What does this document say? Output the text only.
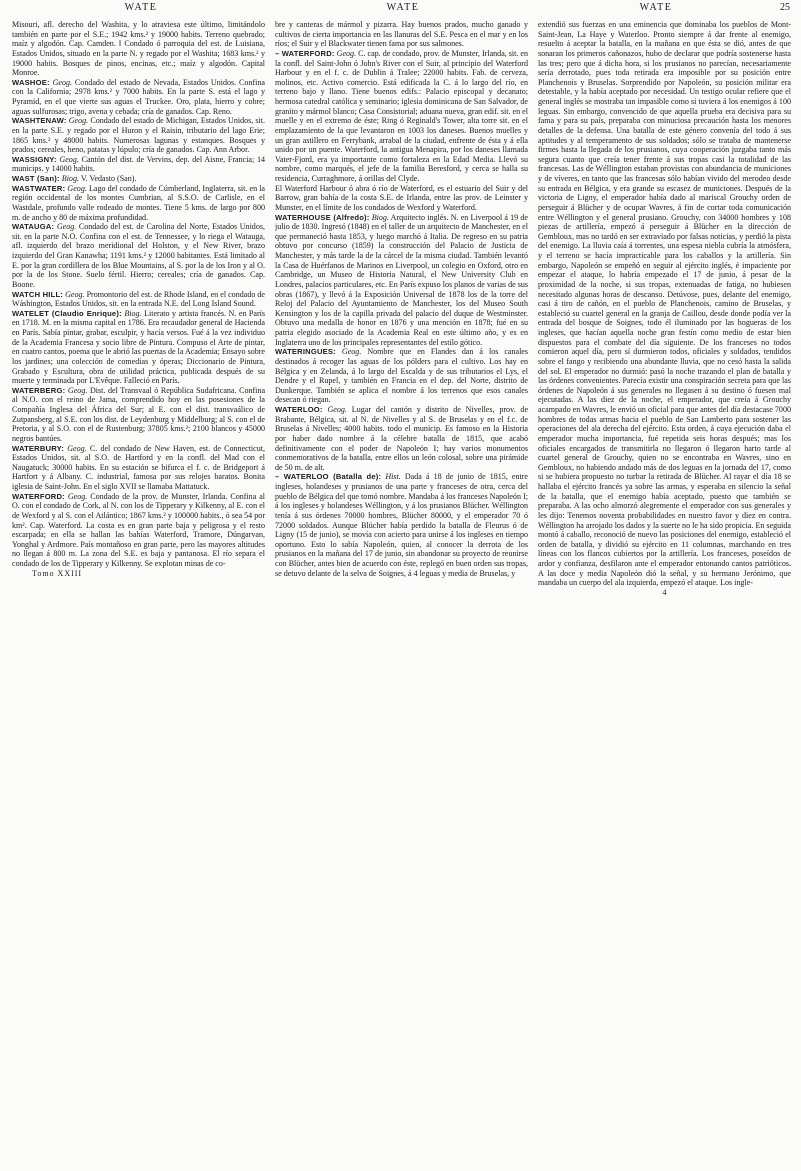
WATE	WATE	WATE	25

Misouri, afl. derecho del Washita, y lo atraviesa este último, limitándolo también en parte por el S.E.; 1942 kms.² y 19000 habits. Terreno quebrado; maíz y algodón. Cap. Camden. ‖ Condado ó parroquia del est. de Luisiana, Estados Unidos, situado en la parte N. y regado por el Washita; 1683 kms.² y 19000 habits. Bosques de pinos, encinas, etc.; maíz y algodón. Capital Monroe.

WASHOE: Geog. Condado del estado de Nevada, Estados Unidos. Confina con la California; 2978 kms.² y 7000 habits. En la parte S. está el lago y Pyramid, en el que vierte sus aguas el Truckee. Oro, plata, hierro y cobre; aguas sulfurosas; trigo, avena y cebada; cría de ganados. Cap. Reno.

WASHTENAW: Geog. Condado del estado de Michigan, Estados Unidos, sit. en la parte S.E. y regado por el Huron y el Raisin, tributario del lago Erie; 1865 kms.² y 48000 habits. Numerosas lagunas y estanques. Bosques y prados; cereales, heno, patatas y lúpulo; cría de ganados. Cap. Ann Arbor.

WASSIGNY: Geog. Cantón del dist. de Vervins, dep. del Aisne, Francia; 14 municips. y 14000 habits.

WAST (San): Biog. V. Vedasto (San).

WASTWATER: Geog. Lago del condado de Cúmberland, Inglaterra, sit. en la región occidental de los montes Cumbrian, al S.S.O. de Carlisle, en el Wastdale, profundo valle rodeado de montes. Tiene 5 kms. de largo por 800 m. de ancho y 80 de máxima profundidad.

WATAUGA: Geog. Condado del est. de Carolina del Norte, Estados Unidos, sit. en la parte N.O. Confina con el est. de Tennessee, y lo riega el Watauga, afl. izquierdo del brazo meridional del Holston, y el New River, brazo izquierdo del Gran Kanawha; 1191 kms.² y 12000 habitantes. Está limitado al E. por la gran cordillera de los Blue Mountains, al S. por la de los Iron y al O. por la de los Stone. Suelo fértil. Hierro; cereales; cría de ganados. Cap. Boone.

WATCH HILL: Geog. Promontorio del est. de Rhode Island, en el condado de Wáshington, Estados Unidos, sit. en la entrada N.E. del Long Island Sound.

WATELET (Claudio Enrique): Biog. Literato y artista francés. N. en París en 1718. M. en la misma capital en 1786. Era recaudador general de Hacienda en París. Sabía pintar, grabar, esculpir, y hacía versos. Fué á la vez individuo de la Academia Francesa y socio libre de Pintura. Compuso el Arte de pintar, en cuatro cantos, poema que le abrió las puertas de la Academia; Ensayo sobre los jardines; una colección de comedias y óperas; Diccionario de Pintura, Grabado y Escultura, obra de utilidad práctica, publicada después de su muerte y terminada por L'Evêque. Falleció en París.

WATERBERG: Geog. Dist. del Transvaal ó República Sudafricana. Confina al N.O. con el reino de Jama, comprendido hoy en las posesiones de la Compañía Inglesa del África del Sur; al E. con el dist. transvaálico de Zutpansberg, al S.E. con los dist. de Leydenburg y Middelburg; al S. con el de Pretoria, y al S.O. con el de Rustenburg; 37805 kms.²; 2100 blancos y 45000 negros bantúes.

WATERBURY: Geog. C. del condado de New Haven, est. de Connecticut, Estados Unidos, sit. al S.O. de Hartford y en la confl. del Mad con el Naugatuck; 30000 habits. En su estación se bifurca el f. c. de Bridgeport á Hartfort y á Albany. C. industrial, famosa por sus relojes baratos. Bonita iglesia de Saint-John. En el siglo XVII se llamaba Mattatuck.

WATERFORD: Geog. Condado de la prov. de Munster, Irlanda. Confina al O. con el condado de Cork, al N. con los de Tipperary y Kilkenny, al E. con el de Wexford y al S. con el Atlántico; 1867 kms.² y 100000 habits., ó sea 54 por km². Cap. Waterford. La costa es en gran parte baja y peligrosa y el resto escarpada; en ella se hallan las bahías Waterford, Tramore, Dúngarvan, Yonghal y Ardmore. País montañoso en gran parte, pero las mayores altitudes no llegan á 800 m. La zona del S.E. es baja y pantanosa. El río separa el condado de los de Tipperary y Kilkenny. Se explotan minas de co-

Tomo XXIII

bre y canteras de mármol y pizarra. Hay buenos prados, mucho ganado y cultivos de cierta importancia en las llanuras del S.E. Pesca en el mar y en los ríos; el Suir y el Blackwater tienen fama por sus salmones.

– WATERFORD: Geog. C. cap. de condado, prov. de Munster, Irlanda, sit. en la confl. del Saint-John ó John's River con el Suir, al principio del Waterford Harbour y en el f. c. de Dublin á Tralee; 22000 habits. Fab. de cerveza, molinos, etc. Activo comercio. Está edificada la C. á lo largo del río, en terreno bajo y llano. Tiene buenos edifs.: Palacio episcopal y decanato; hermosa catedral católica y seminario; iglesia dominicana de San Salvador, de granito y mármol blanco; Casa Consistorial; aduana nueva, gran edif. sit. en el muelle y en el extremo de éste; Ring ó Reginald's Tower, alta torre sit. en el emplazamiento de la que levantaron en 1003 los daneses. Buenos muelles y un gran astillero en Ferrybank, arrabal de la ciudad, enfrente de ésta y á ella unido por un puente. Waterford, la antigua Menapira, por los daneses llamada Vater-Fjord, era ya importante como fortaleza en la Edad Media. Llevó su nombre, como marqués, el jefe de la familia Beresford, y cerca se halla su residencia, Curraghmore, á orillas del Clyde.

El Waterford Harbour ó abra ó río de Waterford, es el estuario del Suir y del Barrow, gran bahía de la costa S.E. de Irlanda, entre las prov. de Leinster y Munster, en el límite de los condados de Wexford y Waterford.

WATERHOUSE (Alfredo): Biog. Arquitecto inglés. N. en Liverpool á 19 de julio de 1830. Ingresó (1848) en el taller de un arquitecto de Manchester, en el que permaneció hasta 1853, y luego marchó á Italia. De regreso en su patria obtuvo por concurso (1859) la construcción del Palacio de Justicia de Manchester, y más tarde la de la cárcel de la misma ciudad. También levantó la Casa de Huérfanos de Marinos en Liverpool, un colegio en Oxford, otro en Cambridge, un Museo de Historia Natural, el New University Club en Londres, palacios particulares, etc. En París expuso los planos de varias de sus obras (1867), y llevó á la Exposición Universal de 1878 los de la torre del Reloj del Palacio del Ayuntamiento de Manchester, los del Museo South Kensington y los de la capilla privada del palacio del duque de Westminster. Obtuvo una medalla de honor en 1876 y una mención en 1878; fué en su patria elegido asociado de la Academia Real en este último año, y es en Inglaterra uno de los principales representantes del estilo gótico.

WATERINGUES: Geog. Nombre que en Flandes dan á los canales destinados á recoger las aguas de los pólders para el cultivo. Los hay en Bélgica y en Zelanda, á lo largo del Escalda y de sus tributarios el Lys, el Dendre y el Rupel, y también en Francia en el dep. del Norte, distrito de Dunkerque. También se aplica el nombre á los terrenos que esos canales desecan ó riegan.

WATERLOO: Geog. Lugar del cantón y distrito de Nivelles, prov. de Brabante, Bélgica, sit. al N. de Nivelles y al S. de Bruselas y en el f.c. de Bruselas á Nivelles; 4000 habits. todo el municip. Es famoso en la Historia por haber dado nombre á la célebre batalla de 1815, que acabó definitivamente con el poder de Napoleón I; hay varios monumentos conmemorativos de la batalla, entre ellos un león colosal, sobre una pirámide de 50 m. de alt.

– WATERLOO (Batalla de): Hist. Dada á 18 de junio de 1815, entre ingleses, holandeses y prusianos de una parte y franceses de otra, cerca del pueblo de Bélgica del que tomó nombre. Mandaba á los franceses Napoleón I; á los ingleses y holandeses Wéllington, y á los prusianos Blücher. Wéllington tenía á sus órdenes 70000 hombres, Blücher 80000, y el emperador 70 ó 72000 soldados. Aunque Blücher había perdido la batalla de Fleurus ó de Ligny (15 de junio), se movía con acierto para unirse á los ingleses en tiempo oportuno. Esto lo sabía Napoleón, quien, al conocer la derrota de los prusianos en la mañana del 17 de junio, sin abandonar su proyecto de reunirse con Blücher, antes bien de acuerdo con éste, replegó en buen orden sus tropas, se detuvo delante de la selva de Soignes, á 4 leguas y media de Bruselas, y

extendió sus fuerzas en una eminencia que dominaba los pueblos de Mont-Saint-Jean, La Haye y Waterloo. Pronto siempre á dar frente al enemigo, resuelto á aceptar la batalla, en la mañana en que ésta se dió, antes de que sonaran los primeros cañonazos, hubo de declarar que podría sostenerse hasta las tres; pero que á dicha hora, si los prusianos no parecían, necesariamente sería derrotado, pues toda retirada era imposible por su posición entre Planchenois y Bruselas. Sorprendido por Napoleón, su posición militar era detestable, y la había aceptado por necesidad. Un testigo ocular refiere que el general inglés se mostraba tan impasible como si tuviera á los enemigos á 100 leguas. Sin embargo, convencido de que aquella prueba era decisiva para su fama y para su país, preparaba con minuciosa precaución hasta los menores detalles de la defensa. Una batalla de este género convenía del todo á sus aptitudes y al temperamento de sus soldados; sólo se trataba de mantenerse firmes hasta la llegada de los prusianos, cuya cooperación juzgaba tanto más segura cuanto que creía tener frente á sus tropas casi la totalidad de las francesas. Las de Wéllington estaban provistas con abundancia de municiones y de víveres, en tanto que las francesas sólo habían vivido del merodeo desde su entrada en Bélgica, y era grande su escasez de municiones. Después de la victoria de Ligny, el emperador había dado al mariscal Grouchy orden de perseguir á Blücher y de ocupar Wavres, á fin de cortar toda comunicación entre Wéllington y el general prusiano. Grouchy, con 34000 hombres y 108 piezas de artillería, empezó á perseguir á Blücher en la dirección de Gembloux, mas no tardó en ser extraviado por falsas noticias, y perdió la pista del enemigo. La lluvia caía á torrentes, una espesa niebla cubría la atmósfera, y el terreno se hacía impracticable para los caballos y la artillería. Sin embargo, Napoleón se empeñó en seguir al ejército inglés, é impaciente por empezar el ataque, lo habría empezado el 17 de junio, á pesar de la proximidad de la noche, si sus tropas, extenuadas de fatiga, no hubiesen necesitado algunas horas de descanso. Detúvose, pues, delante del enemigo, casi á tiro de cañón, en el pueblo de Planchenois, camino de Bruselas, y estableció su cuartel general en la granja de Caillou, desde donde podía ver la entrada del bosque de Soignes, todo él iluminado por las hogueras de los ingleses, que hacían aquella noche gran festín como medio de estar bien dispuestos para el combate del día siguiente. De los franceses no todos comieron aquel día, pero sí durmieron todos, oficiales y soldados, tendidos sobre el fango y recibiendo una abundante lluvia, que no cesó hasta la salida del sol. El emperador no durmió: pasó la noche trazando el plan de batalla y las órdenes convenientes. Parecía existir una conspiración secreta para que las órdenes de Napoleón á sus generales no llegasen á su destino ó fuesen mal ejecutadas. A las diez de la noche, el emperador, que creía á Grouchy acampado en Wavres, le envió un oficial para que antes del día destacase 7000 hombres de todas armas hacia el pueblo de San Lamberto para sostener las operaciones del ala derecha del ejército. Esta orden, á cuya ejecución daba el emperador mucha importancia, fué repetida seis horas después; mas los oficiales encargados de transmitirla no llegaron ó llegaron harto tarde al cuartel general de Grouchy, quien no se encontraba en Wavres, sino en Gembloux, no habiendo andado más de dos leguas en la jornada del 17, como si se hubiera propuesto no turbar la retirada de Blücher. Al rayar el día 18 se hallaba el ejército francés ya sobre las armas, y esperaba en silencio la señal de la batalla, que el enemigo había aceptado, puesto que también se preparaba. A las ocho almorzó alegremente el emperador con sus generales y les dijo: Tenemos noventa probabilidades en nuestro favor y diez en contra. Wéllington ha arrojado los dados y la suerte no le ha sido propicia. En seguida montó á caballo, reconoció de nuevo las posiciones del enemigo, estableció el orden de batalla, y dividió su ejército en 11 columnas, marchando en tres líneas con los flancos cubiertos por la artillería. Los franceses, poseídos de ardor y confianza, desfilaron ante el emperador entonando cantos patrióticos. A las doce y media Napoleón dió la señal, y su hermano Jerónimo, que mandaba un cuerpo del ala izquierda, empezó el ataque. Los ingle-

4
